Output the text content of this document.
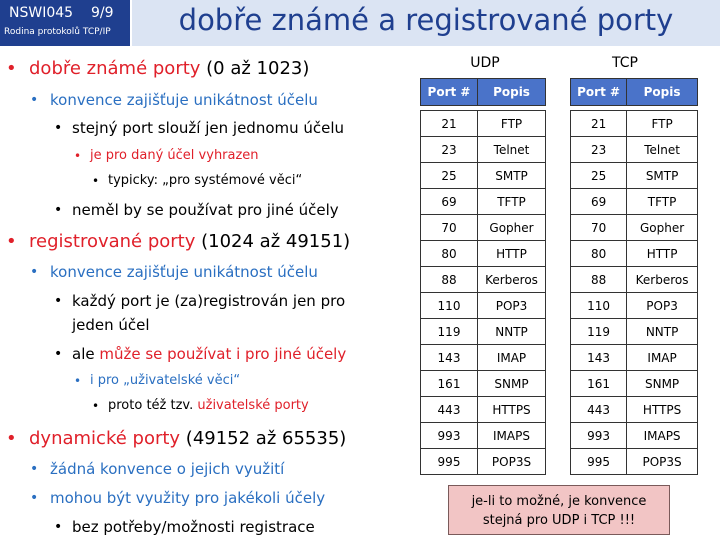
NSWI045 9/9
Rodina protokolů TCP/IP	dobře známé a registrované porty
• dobře známé porty (0 až 1023)
• konvence zajišťuje unikátnost účelu
• stejný port slouží jen jednomu účelu
• je pro daný účel vyhrazen
• typicky: „pro systémové věci“
• neměl by se používat pro jiné účely
• registrované porty (1024 až 49151)
• konvence zajišťuje unikátnost účelu
• každý port je (za)registrován jen pro
jeden účel
• ale může se používat i pro jiné účely
• i pro „uživatelské věci“
• proto též tzv. uživatelské porty
• dynamické porty (49152 až 65535)
• žádná konvence o jejich využití
• mohou být využity pro jakékoli účely
• bez potřeby/možnosti registrace
UDP
Port #	Popis

21	FTP
23	Telnet
25	SMTP
69	TFTP
70	Gopher
80	HTTP
88	Kerberos
110	POP3
119	NNTP
143	IMAP
161	SNMP
443	HTTPS
993	IMAPS
995	POP3S
TCP
Port #	Popis

21	FTP
23	Telnet
25	SMTP
69	TFTP
70	Gopher
80	HTTP
88	Kerberos
110	POP3
119	NNTP
143	IMAP
161	SNMP
443	HTTPS
993	IMAPS
995	POP3S
je-li to možné, je konvence
stejná pro UDP i TCP !!!
